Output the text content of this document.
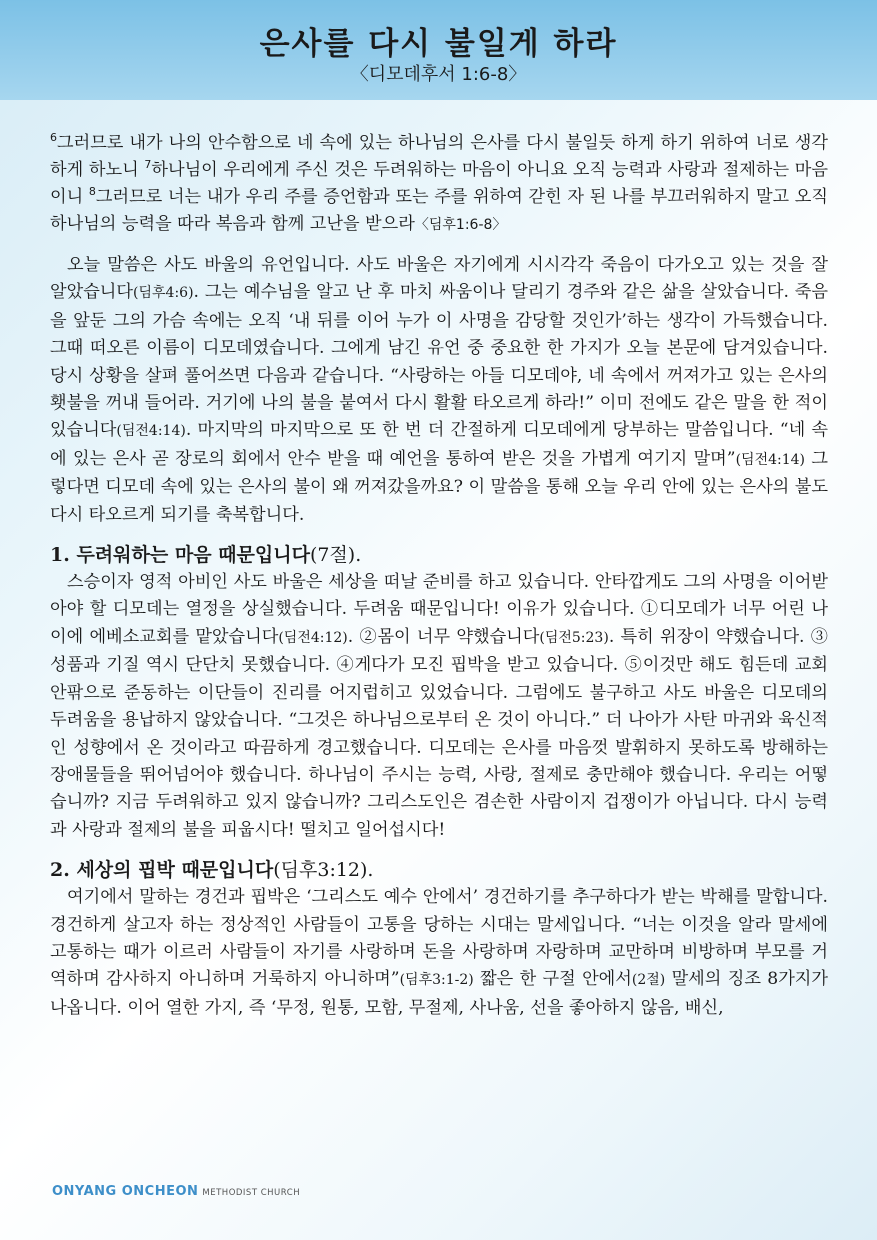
은사를 다시 불일게 하라
〈디모데후서 1:6-8〉

$^6$그러므로 내가 나의 안수함으로 네 속에 있는 하나님의 은사를 다시 불일듯 하게 하기 위하여 너로 생각하게 하노니 $^7$하나님이 우리에게 주신 것은 두려워하는 마음이 아니요 오직 능력과 사랑과 절제하는 마음이니 $^8$그러므로 너는 내가 우리 주를 증언함과 또는 주를 위하여 갇힌 자 된 나를 부끄러워하지 말고 오직 하나님의 능력을 따라 복음과 함께 고난을 받으라〈딤후1:6-8〉

오늘 말씀은 사도 바울의 유언입니다. 사도 바울은 자기에게 시시각각 죽음이 다가오고 있는 것을 잘 알았습니다(딤후4:6). 그는 예수님을 알고 난 후 마치 싸움이나 달리기 경주와 같은 삶을 살았습니다. 죽음을 앞둔 그의 가슴 속에는 오직 ‘내 뒤를 이어 누가 이 사명을 감당할 것인가’하는 생각이 가득했습니다. 그때 떠오른 이름이 디모데였습니다. 그에게 남긴 유언 중 중요한 한 가지가 오늘 본문에 담겨있습니다. 당시 상황을 살펴 풀어쓰면 다음과 같습니다. “사랑하는 아들 디모데야, 네 속에서 꺼져가고 있는 은사의 횃불을 꺼내 들어라. 거기에 나의 불을 붙여서 다시 활활 타오르게 하라!” 이미 전에도 같은 말을 한 적이 있습니다(딤전4:14). 마지막의 마지막으로 또 한 번 더 간절하게 디모데에게 당부하는 말씀입니다. “네 속에 있는 은사 곧 장로의 회에서 안수 받을 때 예언을 통하여 받은 것을 가볍게 여기지 말며”(딤전4:14) 그렇다면 디모데 속에 있는 은사의 불이 왜 꺼져갔을까요? 이 말씀을 통해 오늘 우리 안에 있는 은사의 불도 다시 타오르게 되기를 축복합니다.

1. 두려워하는 마음 때문입니다(7절).

스승이자 영적 아비인 사도 바울은 세상을 떠날 준비를 하고 있습니다. 안타깝게도 그의 사명을 이어받아야 할 디모데는 열정을 상실했습니다. 두려움 때문입니다! 이유가 있습니다. ①디모데가 너무 어린 나이에 에베소교회를 맡았습니다(딤전4:12). ②몸이 너무 약했습니다(딤전5:23). 특히 위장이 약했습니다. ③성품과 기질 역시 단단치 못했습니다. ④게다가 모진 핍박을 받고 있습니다. ⑤이것만 해도 힘든데 교회 안팎으로 준동하는 이단들이 진리를 어지럽히고 있었습니다. 그럼에도 불구하고 사도 바울은 디모데의 두려움을 용납하지 않았습니다. “그것은 하나님으로부터 온 것이 아니다.” 더 나아가 사탄 마귀와 육신적인 성향에서 온 것이라고 따끔하게 경고했습니다. 디모데는 은사를 마음껏 발휘하지 못하도록 방해하는 장애물들을 뛰어넘어야 했습니다. 하나님이 주시는 능력, 사랑, 절제로 충만해야 했습니다. 우리는 어떻습니까? 지금 두려워하고 있지 않습니까? 그리스도인은 겸손한 사람이지 겁쟁이가 아닙니다. 다시 능력과 사랑과 절제의 불을 피웁시다! 떨치고 일어섭시다!

2. 세상의 핍박 때문입니다(딤후3:12).

여기에서 말하는 경건과 핍박은 ‘그리스도 예수 안에서’ 경건하기를 추구하다가 받는 박해를 말합니다. 경건하게 살고자 하는 정상적인 사람들이 고통을 당하는 시대는 말세입니다. “너는 이것을 알라 말세에 고통하는 때가 이르러 사람들이 자기를 사랑하며 돈을 사랑하며 자랑하며 교만하며 비방하며 부모를 거역하며 감사하지 아니하며 거룩하지 아니하며”(딤후3:1-2) 짧은 한 구절 안에서(2절) 말세의 징조 8가지가 나옵니다. 이어 열한 가지, 즉 ‘무정, 원통, 모함, 무절제, 사나움, 선을 좋아하지 않음, 배신,

ONYANG ONCHEON METHODIST CHURCH
